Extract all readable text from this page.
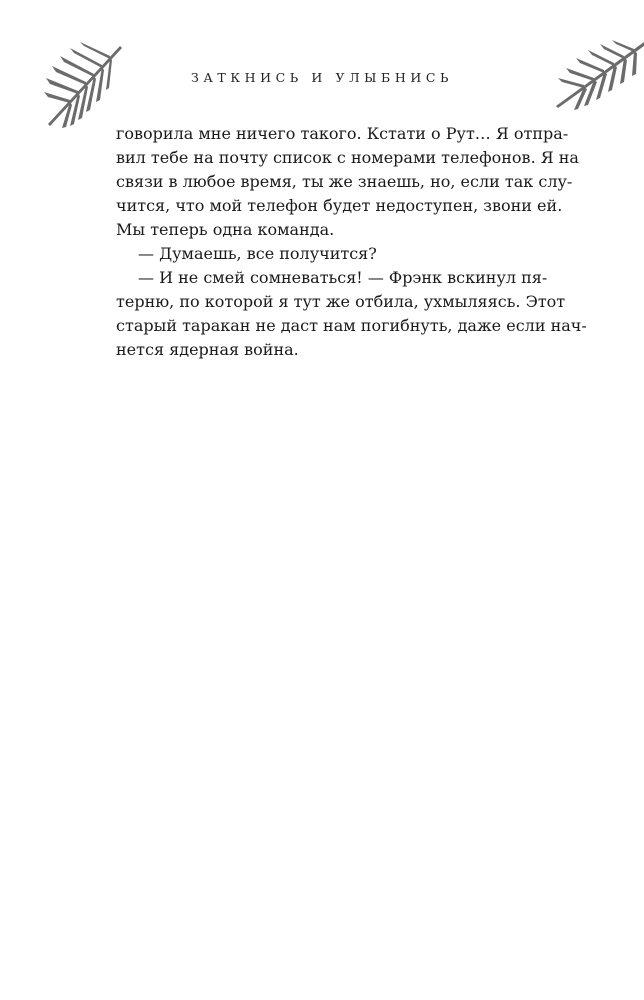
ЗАТКНИСЬ И УЛЫБНИСЬ
говорила мне ничего такого. Кстати о Рут… Я отпра-
вил тебе на почту список с номерами телефонов. Я на
связи в любое время, ты же знаешь, но, если так слу-
чится, что мой телефон будет недоступен, звони ей.
Мы теперь одна команда.
— Думаешь, все получится?
— И не смей сомневаться! — Фрэнк вскинул пя-
терню, по которой я тут же отбила, ухмыляясь. Этот
старый таракан не даст нам погибнуть, даже если нач-
нется ядерная война.
